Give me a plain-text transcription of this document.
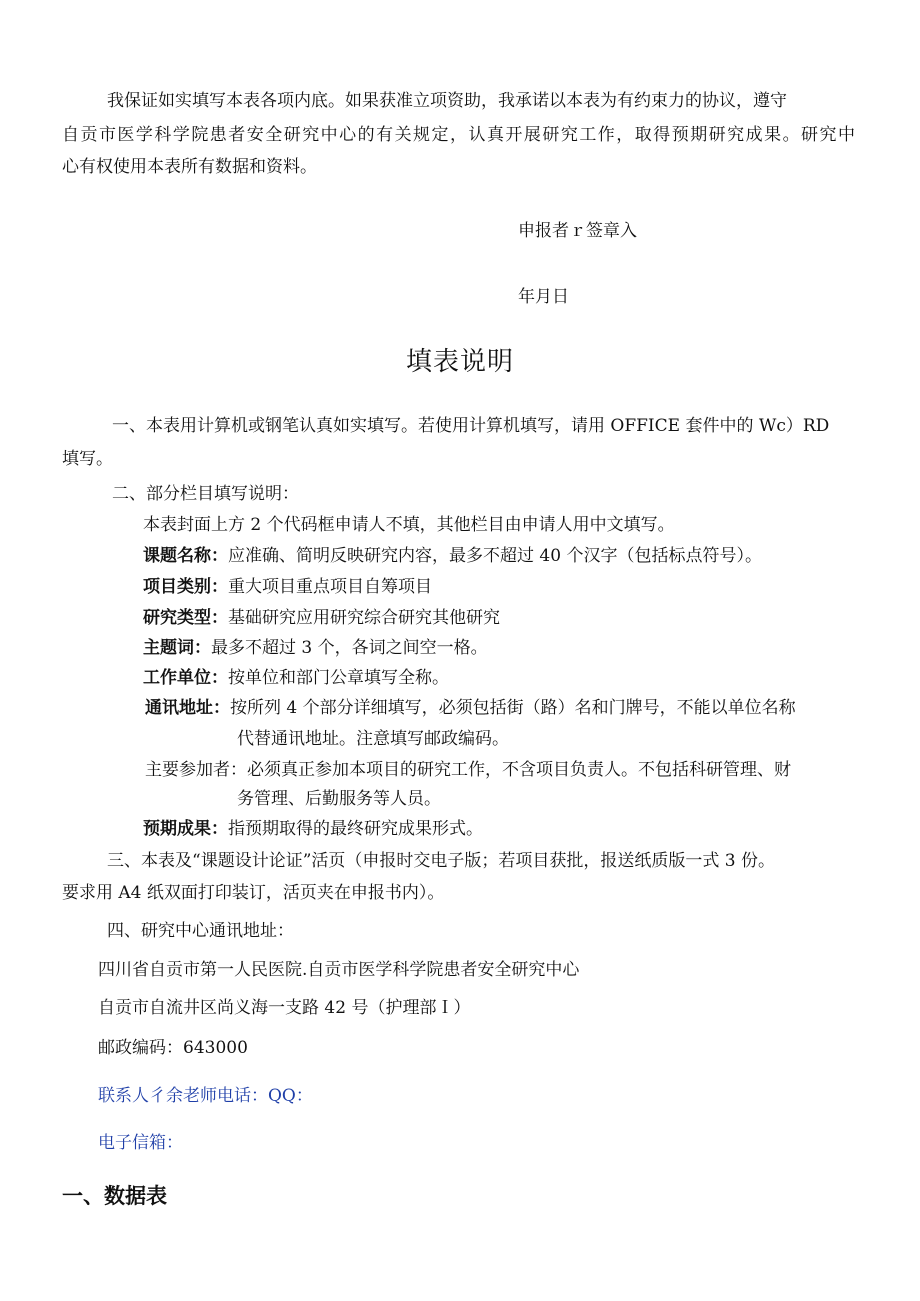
我保证如实填写本表各项内底。如果获准立项资助，我承诺以本表为有约束力的协议，遵守
自贡市医学科学院患者安全研究中心的有关规定，认真开展研究工作，取得预期研究成果。研究中
心有权使用本表所有数据和资料。
申报者ｒ签章入
年月日
填表说明
一、本表用计算机或钢笔认真如实填写。若使用计算机填写，请用 OFFICE 套件中的 Wc）RD
填写。
二、部分栏目填写说明：
本表封面上方 2 个代码框申请人不填，其他栏目由申请人用中文填写。
课题名称：应准确、简明反映研究内容，最多不超过 40 个汉字（包括标点符号）。
项目类别：重大项目重点项目自筹项目
研究类型：基础研究应用研究综合研究其他研究
主题词：最多不超过 3 个，各词之间空一格。
工作单位：按单位和部门公章填写全称。
通讯地址：按所列 4 个部分详细填写，必须包括街（路）名和门牌号，不能以单位名称
代替通讯地址。注意填写邮政编码。
主要参加者：必须真正参加本项目的研究工作，不含项目负责人。不包括科研管理、财
务管理、后勤服务等人员。
预期成果：指预期取得的最终研究成果形式。
三、本表及“课题设计论证”活页（申报时交电子版；若项目获批，报送纸质版一式 3 份。
要求用 A4 纸双面打印装订，活页夹在申报书内）。
四、研究中心通讯地址：
四川省自贡市第一人民医院.自贡市医学科学院患者安全研究中心
自贡市自流井区尚义海一支路 42 号（护理部Ｉ）
邮政编码：643000
联系人彳余老师电话：QQ：
电子信箱：
一、数据表
